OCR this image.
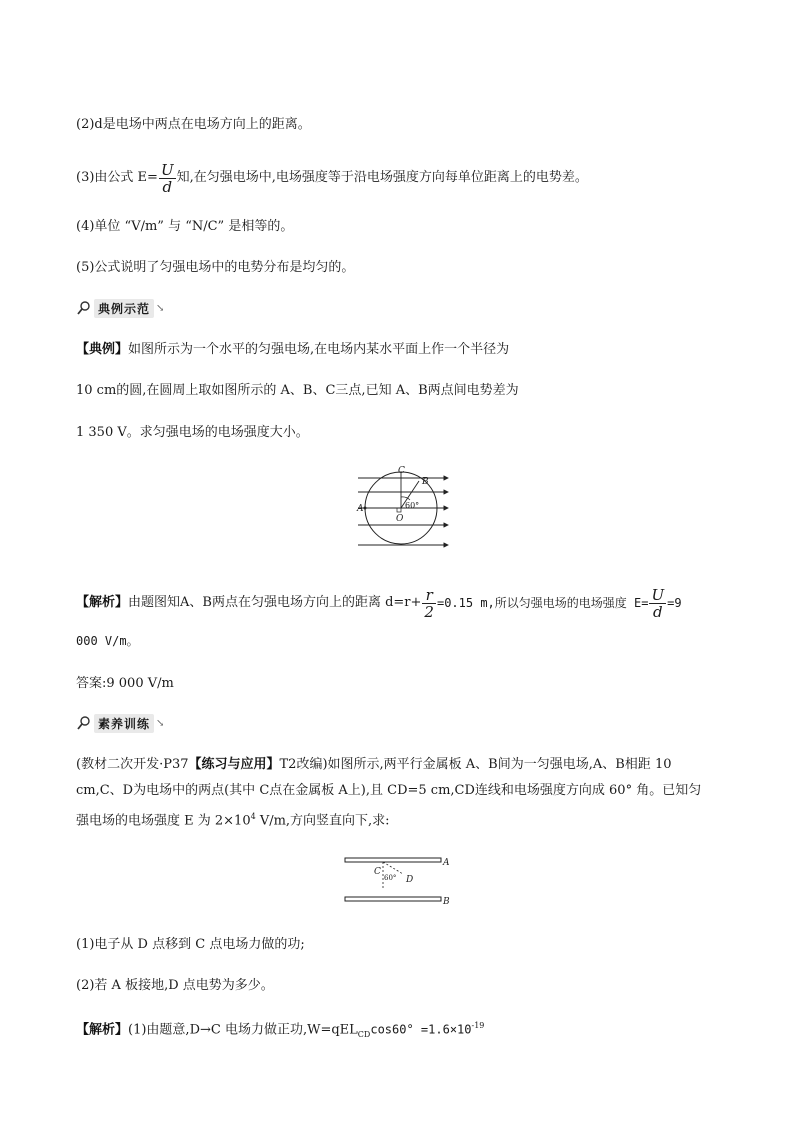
(2)d是电场中两点在电场方向上的距离。
(3)由公式 $E= \frac{U}{d}$ 知,在匀强电场中,电场强度等于沿电场强度方向每单位距离上的电势差。
(4)单位 “V/m” 与 “N/C” 是相等的。
(5)公式说明了匀强电场中的电势分布是均匀的。
典例示范 ↘
【典例】如图所示为一个水平的匀强电场,在电场内某水平面上作一个半径为
10 cm的圆,在圆周上取如图所示的 A、B、C三点,已知 A、B两点间电势差为
1 350 V。求匀强电场的电场强度大小。
C
B
A
O
60°
【解析】 由题图知A、B两点在匀强电场方向上的距离 $d=r+ \frac{r}{2} =0.15$ m,所以匀强电场的电场强度 $E= \frac{U}{d} =9$
000 V/m。
答案:9 000 V/m
素养训练 ↘
(教材二次开发·P37【练习与应用】T2改编)如图所示,两平行金属板 A、B间为一匀强电场,A、B相距 10
cm,C、D为电场中的两点(其中 C点在金属板 A上),且 CD=5 cm,CD连线和电场强度方向成 60° 角。已知匀
强电场的电场强度 E 为 $2\times 10^4$ V/m,方向竖直向下,求:
A
B
C
D
60°
(1)电子从 D 点移到 C 点电场力做的功;
(2)若 A 板接地,D 点电势为多少。
【解析】(1)由题意,D→C 电场力做正功$,W=qEL_{CD}\cos 60^\circ =1.6\times 10^{-19}$
